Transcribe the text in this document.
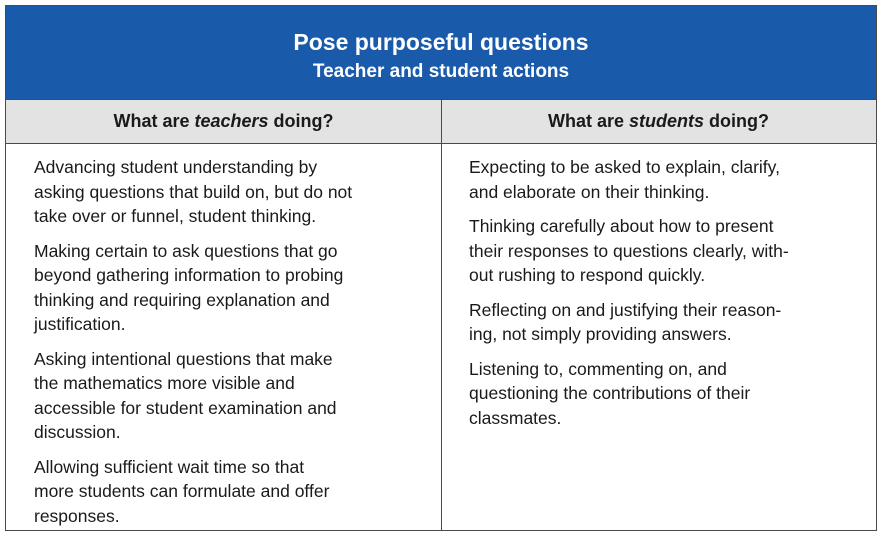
Pose purposeful questions
Teacher and student actions
What are teachers doing?	What are students doing?

Advancing student understanding by
asking questions that build on, but do not
take over or funnel, student thinking.

Making certain to ask questions that go
beyond gathering information to probing
thinking and requiring explanation and
justification.

Asking intentional questions that make
the mathematics more visible and
accessible for student examination and
discussion.

Allowing sufficient wait time so that
more students can formulate and offer
responses.

Expecting to be asked to explain, clarify,
and elaborate on their thinking.

Thinking carefully about how to present
their responses to questions clearly, with-
out rushing to respond quickly.

Reflecting on and justifying their reason-
ing, not simply providing answers.

Listening to, commenting on, and
questioning the contributions of their
classmates.
